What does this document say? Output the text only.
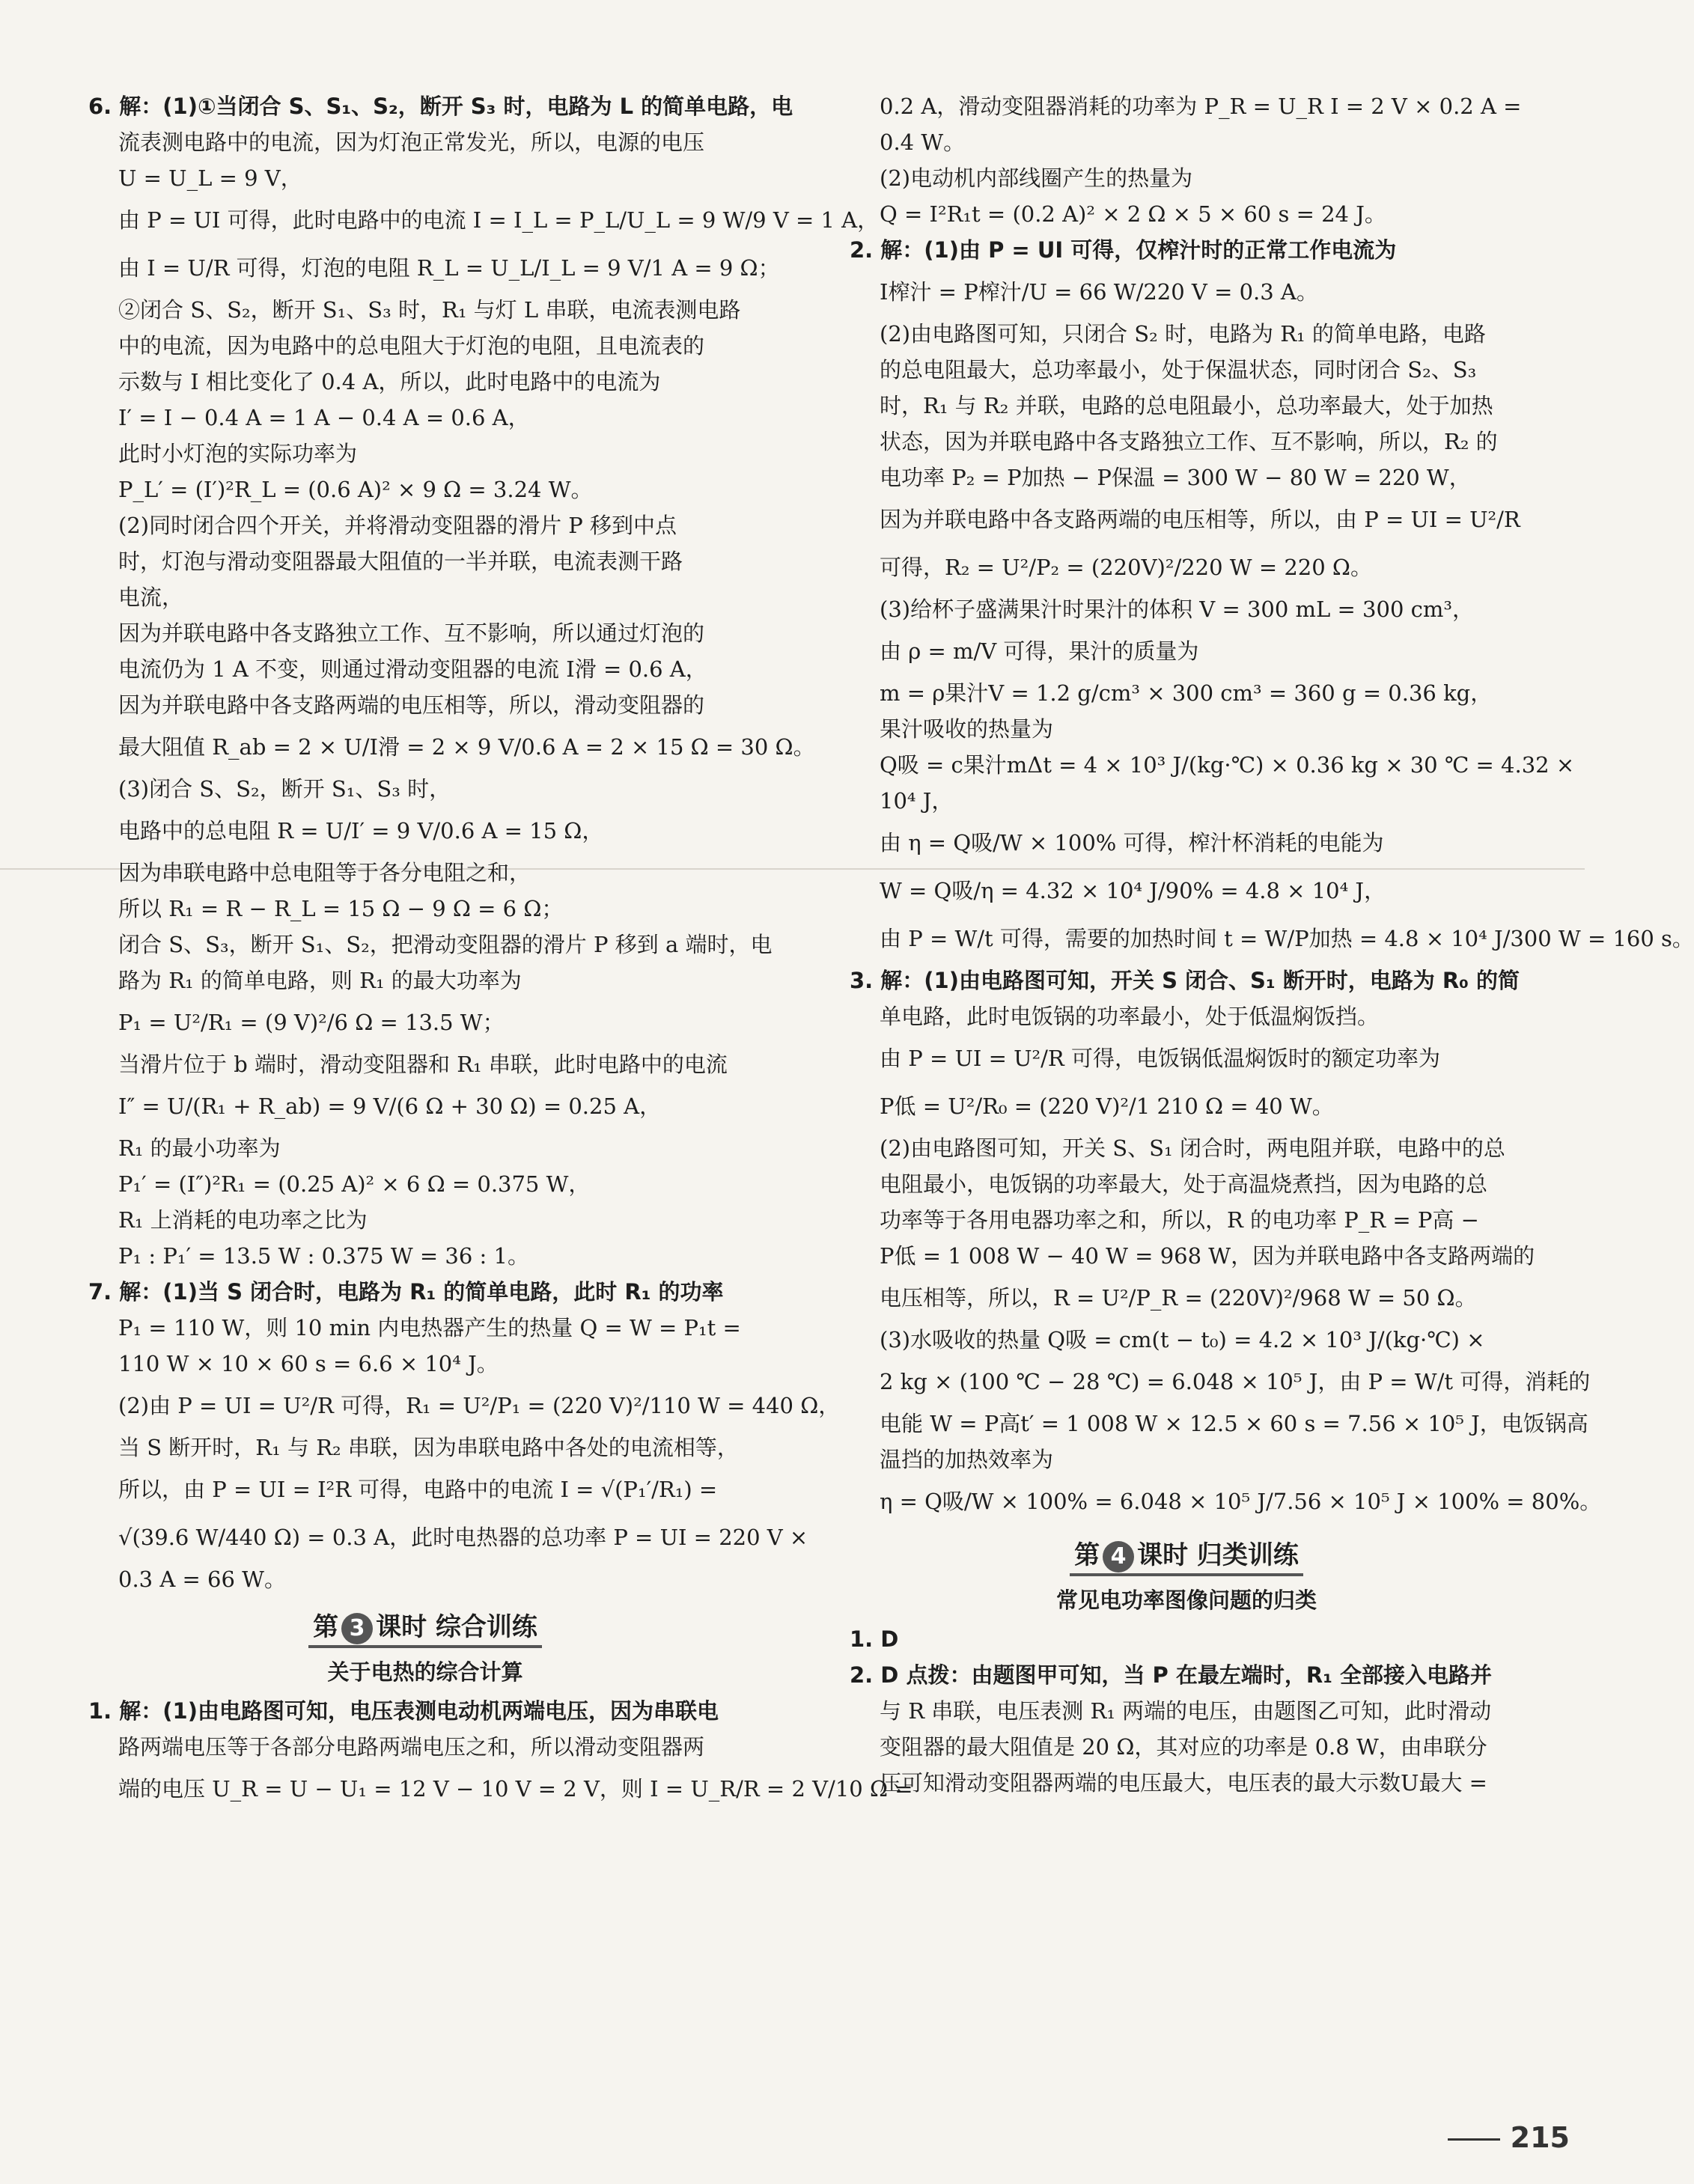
6. 解：(1)①当闭合 S、S₁、S₂，断开 S₃ 时，电路为 L 的简单电路，电

流表测电路中的电流，因为灯泡正常发光，所以，电源的电压

U = U_L = 9 V，

由 P = UI 可得，此时电路中的电流 I = I_L = P_L/U_L = 9 W/9 V = 1 A，

由 I = U/R 可得，灯泡的电阻 R_L = U_L/I_L = 9 V/1 A = 9 Ω；

②闭合 S、S₂，断开 S₁、S₃ 时，R₁ 与灯 L 串联，电流表测电路

中的电流，因为电路中的总电阻大于灯泡的电阻，且电流表的

示数与 I 相比变化了 0.4 A，所以，此时电路中的电流为

I′ = I − 0.4 A = 1 A − 0.4 A = 0.6 A，

此时小灯泡的实际功率为

P_L′ = (I′)²R_L = (0.6 A)² × 9 Ω = 3.24 W。

(2)同时闭合四个开关，并将滑动变阻器的滑片 P 移到中点

时，灯泡与滑动变阻器最大阻值的一半并联，电流表测干路

电流，

因为并联电路中各支路独立工作、互不影响，所以通过灯泡的

电流仍为 1 A 不变，则通过滑动变阻器的电流 I滑 = 0.6 A，

因为并联电路中各支路两端的电压相等，所以，滑动变阻器的

最大阻值 R_ab = 2 × U/I滑 = 2 × 9 V/0.6 A = 2 × 15 Ω = 30 Ω。

(3)闭合 S、S₂，断开 S₁、S₃ 时，

电路中的总电阻 R = U/I′ = 9 V/0.6 A = 15 Ω，

因为串联电路中总电阻等于各分电阻之和，

所以 R₁ = R − R_L = 15 Ω − 9 Ω = 6 Ω；

闭合 S、S₃，断开 S₁、S₂，把滑动变阻器的滑片 P 移到 a 端时，电

路为 R₁ 的简单电路，则 R₁ 的最大功率为

P₁ = U²/R₁ = (9 V)²/6 Ω = 13.5 W；

当滑片位于 b 端时，滑动变阻器和 R₁ 串联，此时电路中的电流

I″ = U/(R₁ + R_ab) = 9 V/(6 Ω + 30 Ω) = 0.25 A，

R₁ 的最小功率为

P₁′ = (I″)²R₁ = (0.25 A)² × 6 Ω = 0.375 W，

R₁ 上消耗的电功率之比为

P₁ : P₁′ = 13.5 W : 0.375 W = 36 : 1。

7. 解：(1)当 S 闭合时，电路为 R₁ 的简单电路，此时 R₁ 的功率

P₁ = 110 W，则 10 min 内电热器产生的热量 Q = W = P₁t =

110 W × 10 × 60 s = 6.6 × 10⁴ J。

(2)由 P = UI = U²/R 可得，R₁ = U²/P₁ = (220 V)²/110 W = 440 Ω，

当 S 断开时，R₁ 与 R₂ 串联，因为串联电路中各处的电流相等，

所以，由 P = UI = I²R 可得，电路中的电流 I = √(P₁′/R₁) =

√(39.6 W/440 Ω) = 0.3 A，此时电热器的总功率 P = UI = 220 V ×

0.3 A = 66 W。

第 3 课时 综合训练
关于电热的综合计算

1. 解：(1)由电路图可知，电压表测电动机两端电压，因为串联电

路两端电压等于各部分电路两端电压之和，所以滑动变阻器两

端的电压 U_R = U − U₁ = 12 V − 10 V = 2 V，则 I = U_R/R = 2 V/10 Ω =

0.2 A，滑动变阻器消耗的功率为 P_R = U_R I = 2 V × 0.2 A =

0.4 W。

(2)电动机内部线圈产生的热量为

Q = I²R₁t = (0.2 A)² × 2 Ω × 5 × 60 s = 24 J。

2. 解：(1)由 P = UI 可得，仅榨汁时的正常工作电流为

I榨汁 = P榨汁/U = 66 W/220 V = 0.3 A。

(2)由电路图可知，只闭合 S₂ 时，电路为 R₁ 的简单电路，电路

的总电阻最大，总功率最小，处于保温状态，同时闭合 S₂、S₃

时，R₁ 与 R₂ 并联，电路的总电阻最小，总功率最大，处于加热

状态，因为并联电路中各支路独立工作、互不影响，所以，R₂ 的

电功率 P₂ = P加热 − P保温 = 300 W − 80 W = 220 W，

因为并联电路中各支路两端的电压相等，所以，由 P = UI = U²/R

可得，R₂ = U²/P₂ = (220V)²/220 W = 220 Ω。

(3)给杯子盛满果汁时果汁的体积 V = 300 mL = 300 cm³，

由 ρ = m/V 可得，果汁的质量为

m = ρ果汁V = 1.2 g/cm³ × 300 cm³ = 360 g = 0.36 kg，

果汁吸收的热量为

Q吸 = c果汁mΔt = 4 × 10³ J/(kg·℃) × 0.36 kg × 30 ℃ = 4.32 ×

10⁴ J，

由 η = Q吸/W × 100% 可得，榨汁杯消耗的电能为

W = Q吸/η = 4.32 × 10⁴ J/90% = 4.8 × 10⁴ J，

由 P = W/t 可得，需要的加热时间 t = W/P加热 = 4.8 × 10⁴ J/300 W = 160 s。

3. 解：(1)由电路图可知，开关 S 闭合、S₁ 断开时，电路为 R₀ 的简

单电路，此时电饭锅的功率最小，处于低温焖饭挡。

由 P = UI = U²/R 可得，电饭锅低温焖饭时的额定功率为

P低 = U²/R₀ = (220 V)²/1 210 Ω = 40 W。

(2)由电路图可知，开关 S、S₁ 闭合时，两电阻并联，电路中的总

电阻最小，电饭锅的功率最大，处于高温烧煮挡，因为电路的总

功率等于各用电器功率之和，所以，R 的电功率 P_R = P高 −

P低 = 1 008 W − 40 W = 968 W，因为并联电路中各支路两端的

电压相等，所以，R = U²/P_R = (220V)²/968 W = 50 Ω。

(3)水吸收的热量 Q吸 = cm(t − t₀) = 4.2 × 10³ J/(kg·℃) ×

2 kg × (100 ℃ − 28 ℃) = 6.048 × 10⁵ J，由 P = W/t 可得，消耗的

电能 W = P高t′ = 1 008 W × 12.5 × 60 s = 7.56 × 10⁵ J，电饭锅高

温挡的加热效率为

η = Q吸/W × 100% = 6.048 × 10⁵ J/7.56 × 10⁵ J × 100% = 80%。

第 4 课时 归类训练
常见电功率图像问题的归类

1. D

2. D 点拨：由题图甲可知，当 P 在最左端时，R₁ 全部接入电路并

与 R 串联，电压表测 R₁ 两端的电压，由题图乙可知，此时滑动

变阻器的最大阻值是 20 Ω，其对应的功率是 0.8 W，由串联分

压可知滑动变阻器两端的电压最大，电压表的最大示数U最大 =

215
